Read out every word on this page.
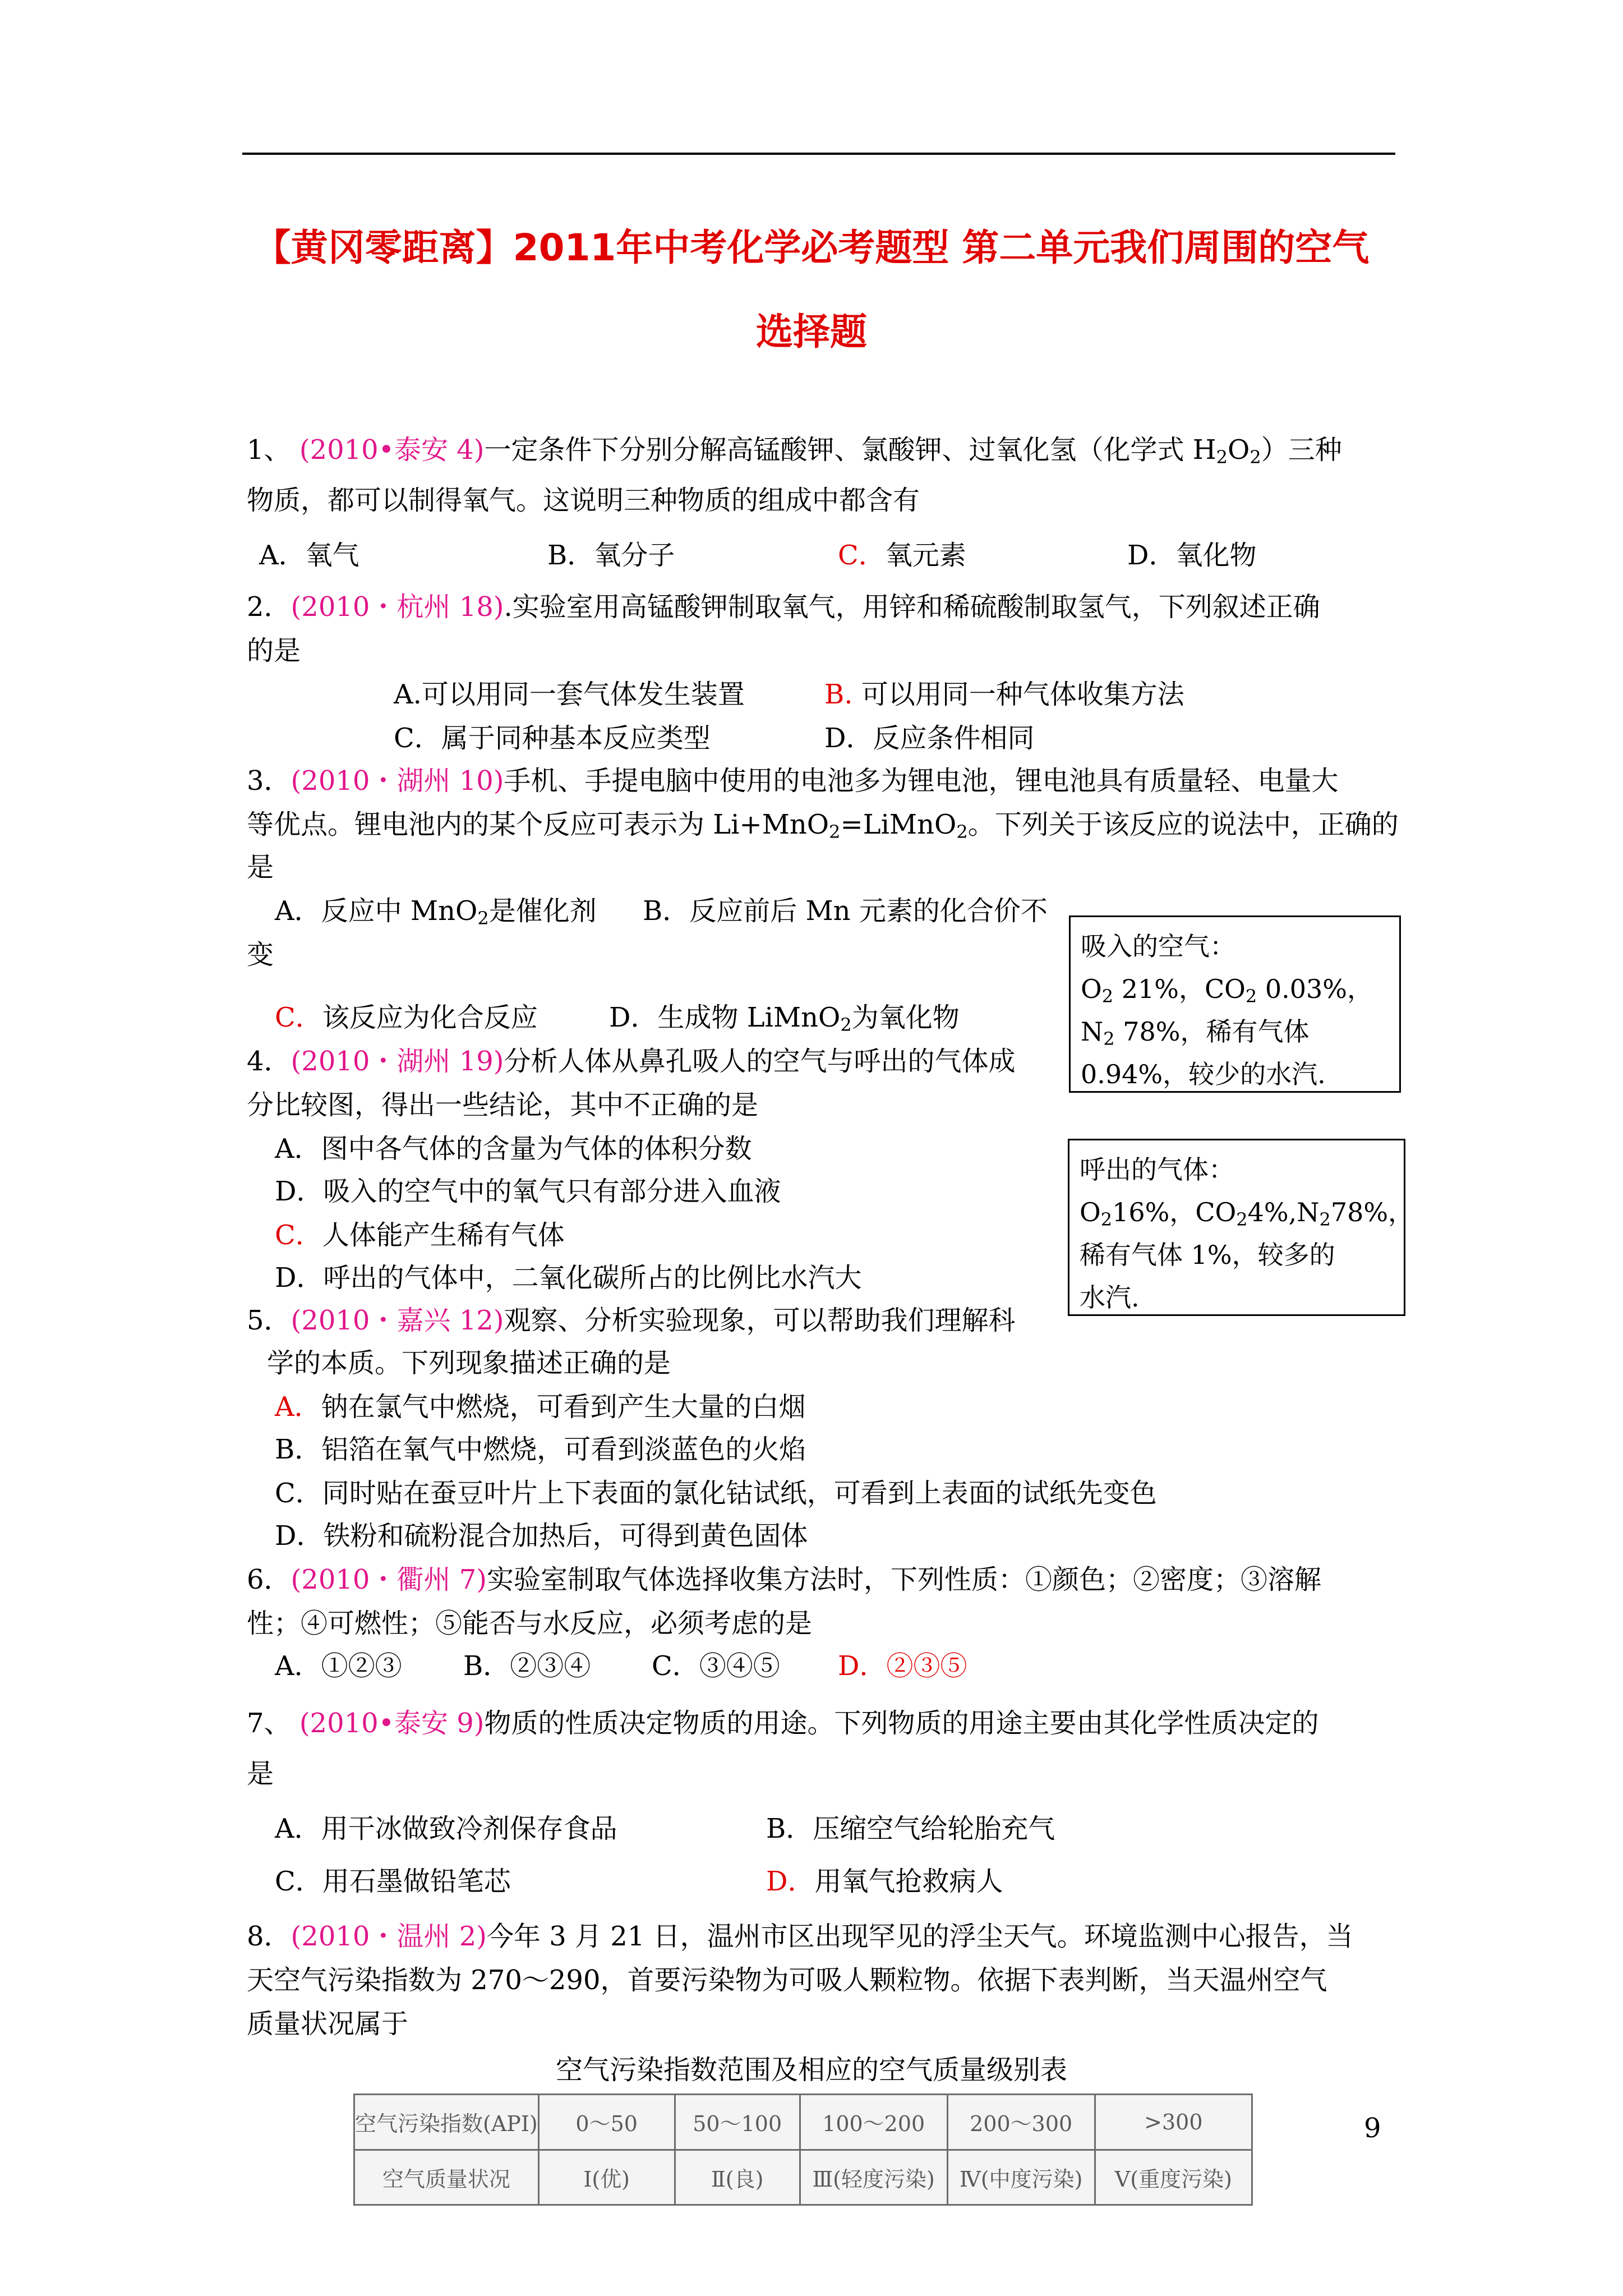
【黄冈零距离】2011年中考化学必考题型 第二单元我们周围的空气
选择题
1、 (2010•泰安 4)一定条件下分别分解高锰酸钾、氯酸钾、过氧化氢（化学式 $H_2O_2$）三种
物质，都可以制得氧气。这说明三种物质的组成中都含有
A．氧气	B．氧分子	C．氧元素	D．氧化物
2．(2010・杭州 18).实验室用高锰酸钾制取氧气，用锌和稀硫酸制取氢气，下列叙述正确
的是
A.可以用同一套气体发生装置	B. 可以用同一种气体收集方法
C．属于同种基本反应类型	D．反应条件相同
3．(2010・湖州 10)手机、手提电脑中使用的电池多为锂电池，锂电池具有质量轻、电量大
等优点。锂电池内的某个反应可表示为 Li+MnO$_2$=LiMnO$_2$。下列关于该反应的说法中，正确的
是
A．反应中 MnO$_2$是催化剂 B．反应前后 Mn 元素的化合价不
变
C．该反应为化合反应	D．生成物 LiMnO$_2$为氧化物
吸入的空气：
$O_2$ 21%，$CO_2$ 0.03%，
$N_2$ 78%，稀有气体
0.94%，较少的水汽.
4．(2010・湖州 19)分析人体从鼻孔吸人的空气与呼出的气体成
分比较图，得出一些结论，其中不正确的是
A．图中各气体的含量为气体的体积分数
D．吸入的空气中的氧气只有部分进入血液
C．人体能产生稀有气体
D．呼出的气体中，二氧化碳所占的比例比水汽大
呼出的气体：
$O_216\%$，$CO_24\%,N_278\%$，
稀有气体 1%，较多的
水汽.
5．(2010・嘉兴 12)观察、分析实验现象，可以帮助我们理解科
学的本质。下列现象描述正确的是
A．钠在氯气中燃烧，可看到产生大量的白烟
B．铝箔在氧气中燃烧，可看到淡蓝色的火焰
C．同时贴在蚕豆叶片上下表面的氯化钴试纸，可看到上表面的试纸先变色
D．铁粉和硫粉混合加热后，可得到黄色固体
6．(2010・衢州 7)实验室制取气体选择收集方法时，下列性质：①颜色；②密度；③溶解
性；④可燃性；⑤能否与水反应，必须考虑的是
A．①②③ B．②③④ C．③④⑤ D．②③⑤
7、 (2010•泰安 9)物质的性质决定物质的用途。下列物质的用途主要由其化学性质决定的
是
A．用干冰做致冷剂保存食品	B．压缩空气给轮胎充气
C．用石墨做铅笔芯	D．用氧气抢救病人
8．(2010・温州 2)今年 3 月 21 日，温州市区出现罕见的浮尘天气。环境监测中心报告，当
天空气污染指数为 270～290，首要污染物为可吸人颗粒物。依据下表判断，当天温州空气
质量状况属于
空气污染指数范围及相应的空气质量级别表
空气污染指数(API)	0～50	50～100	100～200	200～300	>300
空气质量状况	Ⅰ(优)	Ⅱ(良)	Ⅲ(轻度污染)	Ⅳ(中度污染)	Ⅴ(重度污染)
9
